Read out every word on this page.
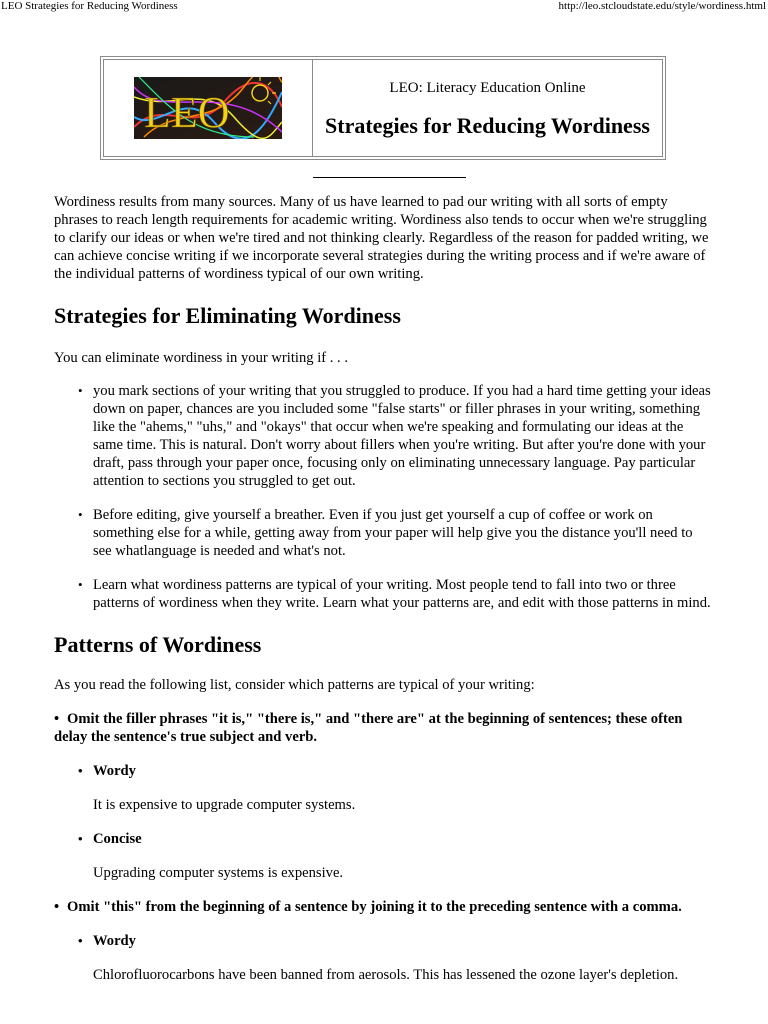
LEO Strategies for Reducing Wordiness	http://leo.stcloudstate.edu/style/wordiness.html
LEO	LEO: Literacy Education Online
Strategies for Reducing Wordiness

Wordiness results from many sources. Many of us have learned to pad our writing with all sorts of empty phrases to reach length requirements for academic writing. Wordiness also tends to occur when we're struggling to clarify our ideas or when we're tired and not thinking clearly. Regardless of the reason for padded writing, we can achieve concise writing if we incorporate several strategies during the writing process and if we're aware of the individual patterns of wordiness typical of our own writing.

Strategies for Eliminating Wordiness

You can eliminate wordiness in your writing if . . .

• you mark sections of your writing that you struggled to produce. If you had a hard time getting your ideas down on paper, chances are you included some "false starts" or filler phrases in your writing, something like the "ahems," "uhs," and "okays" that occur when we're speaking and formulating our ideas at the same time. This is natural. Don't worry about fillers when you're writing. But after you're done with your draft, pass through your paper once, focusing only on eliminating unnecessary language. Pay particular attention to sections you struggled to get out.
• Before editing, give yourself a breather. Even if you just get yourself a cup of coffee or work on something else for a while, getting away from your paper will help give you the distance you'll need to see whatlanguage is needed and what's not.
• Learn what wordiness patterns are typical of your writing. Most people tend to fall into two or three patterns of wordiness when they write. Learn what your patterns are, and edit with those patterns in mind.
Patterns of Wordiness

As you read the following list, consider which patterns are typical of your writing:

• Omit the filler phrases "it is," "there is," and "there are" at the beginning of sentences; these often delay the sentence's true subject and verb.

• Wordy

It is expensive to upgrade computer systems.

• Concise

Upgrading computer systems is expensive.

• Omit "this" from the beginning of a sentence by joining it to the preceding sentence with a comma.

• Wordy

Chlorofluorocarbons have been banned from aerosols. This has lessened the ozone layer's depletion.
